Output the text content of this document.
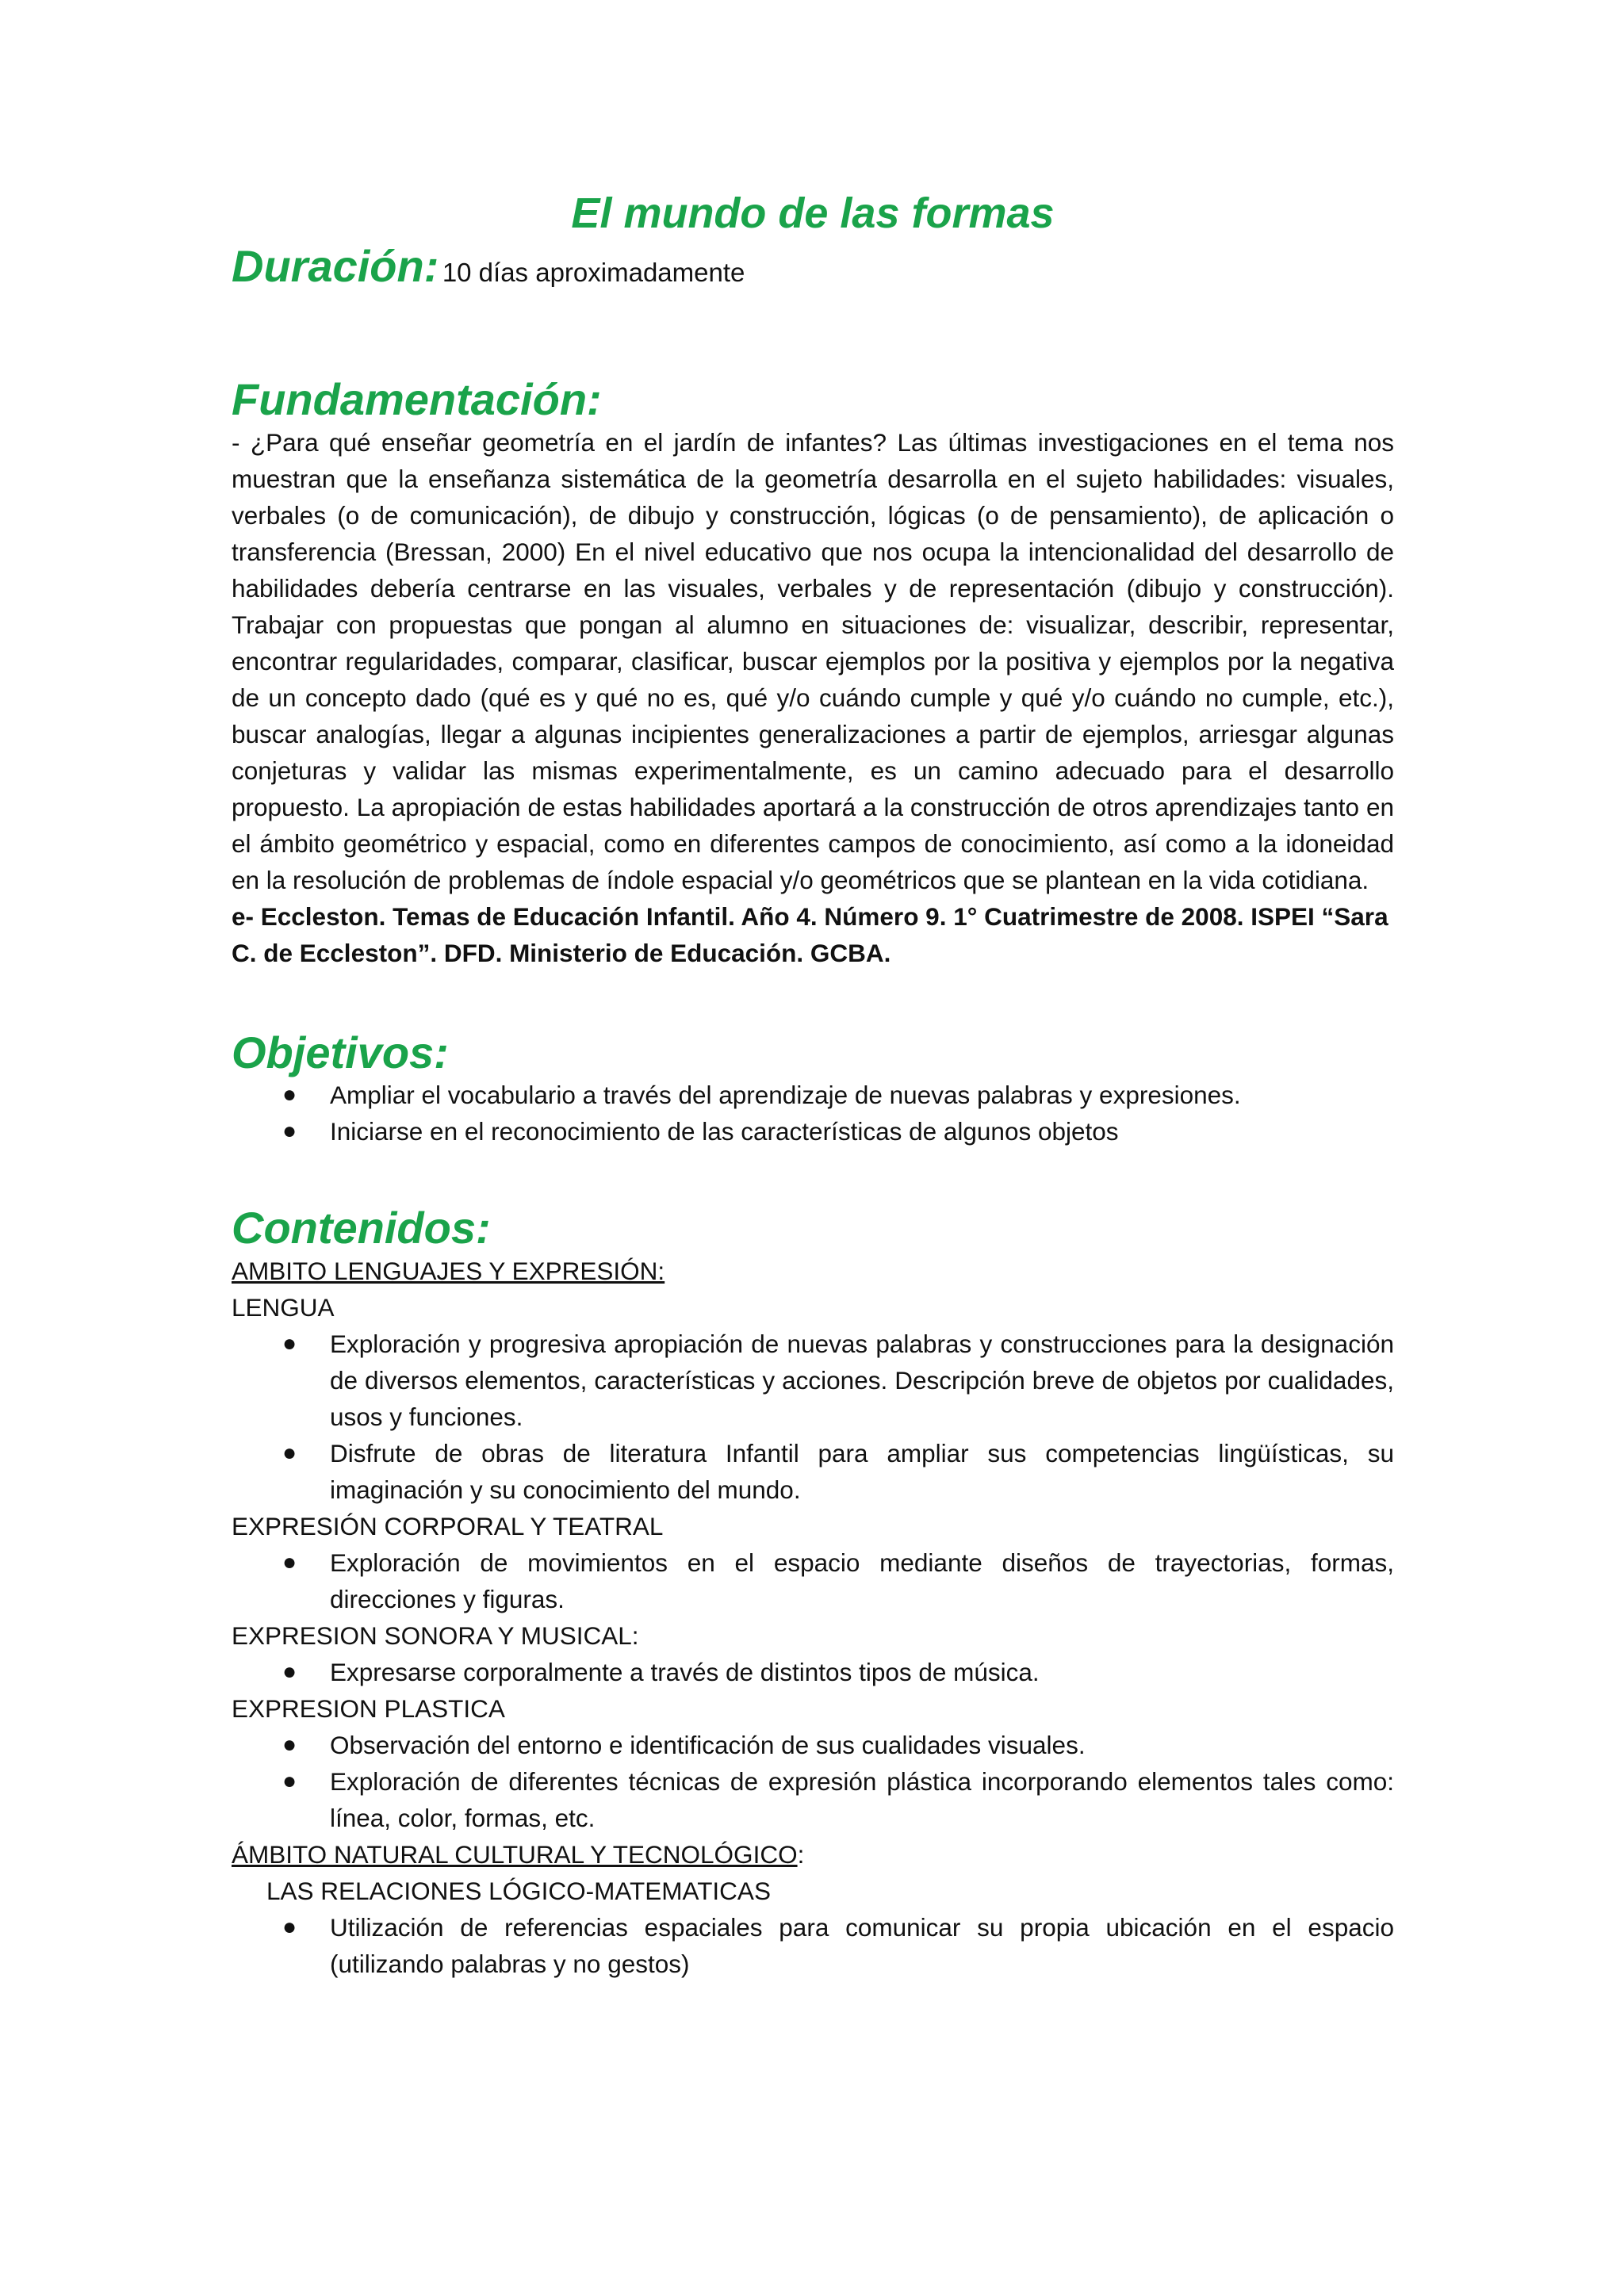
El mundo de las formas
Duración: 10 días aproximadamente
Fundamentación:

- ¿Para qué enseñar geometría en el jardín de infantes? Las últimas investigaciones en el tema nos muestran que la enseñanza sistemática de la geometría desarrolla en el sujeto habilidades: visuales, verbales (o de comunicación), de dibujo y construcción, lógicas (o de pensamiento), de aplicación o transferencia (Bressan, 2000) En el nivel educativo que nos ocupa la intencionalidad del desarrollo de habilidades debería centrarse en las visuales, verbales y de representación (dibujo y construcción). Trabajar con propuestas que pongan al alumno en situaciones de: visualizar, describir, representar, encontrar regularidades, comparar, clasificar, buscar ejemplos por la positiva y ejemplos por la negativa de un concepto dado (qué es y qué no es, qué y/o cuándo cumple y qué y/o cuándo no cumple, etc.), buscar analogías, llegar a algunas incipientes generalizaciones a partir de ejemplos, arriesgar algunas conjeturas y validar las mismas experimentalmente, es un camino adecuado para el desarrollo propuesto. La apropiación de estas habilidades aportará a la construcción de otros aprendizajes tanto en el ámbito geométrico y espacial, como en diferentes campos de conocimiento, así como a la idoneidad en la resolución de problemas de índole espacial y/o geométricos que se plantean en la vida cotidiana.

e- Eccleston. Temas de Educación Infantil. Año 4. Número 9. 1° Cuatrimestre de 2008. ISPEI “Sara C. de Eccleston”. DFD. Ministerio de Educación. GCBA.

Objetivos:
● Ampliar el vocabulario a través del aprendizaje de nuevas palabras y expresiones.
● Iniciarse en el reconocimiento de las características de algunos objetos
Contenidos:

AMBITO LENGUAJES Y EXPRESIÓN:

LENGUA

● Exploración y progresiva apropiación de nuevas palabras y construcciones para la designación de diversos elementos, características y acciones. Descripción breve de objetos por cualidades, usos y funciones.
● Disfrute de obras de literatura Infantil para ampliar sus competencias lingüísticas, su imaginación y su conocimiento del mundo.

EXPRESIÓN CORPORAL Y TEATRAL

● Exploración de movimientos en el espacio mediante diseños de trayectorias, formas, direcciones y figuras.

EXPRESION SONORA Y MUSICAL:

● Expresarse corporalmente a través de distintos tipos de música.

EXPRESION PLASTICA

● Observación del entorno e identificación de sus cualidades visuales.
● Exploración de diferentes técnicas de expresión plástica incorporando elementos tales como: línea, color, formas, etc.

ÁMBITO NATURAL CULTURAL Y TECNOLÓGICO:

LAS RELACIONES LÓGICO-MATEMATICAS

● Utilización de referencias espaciales para comunicar su propia ubicación en el espacio (utilizando palabras y no gestos)
